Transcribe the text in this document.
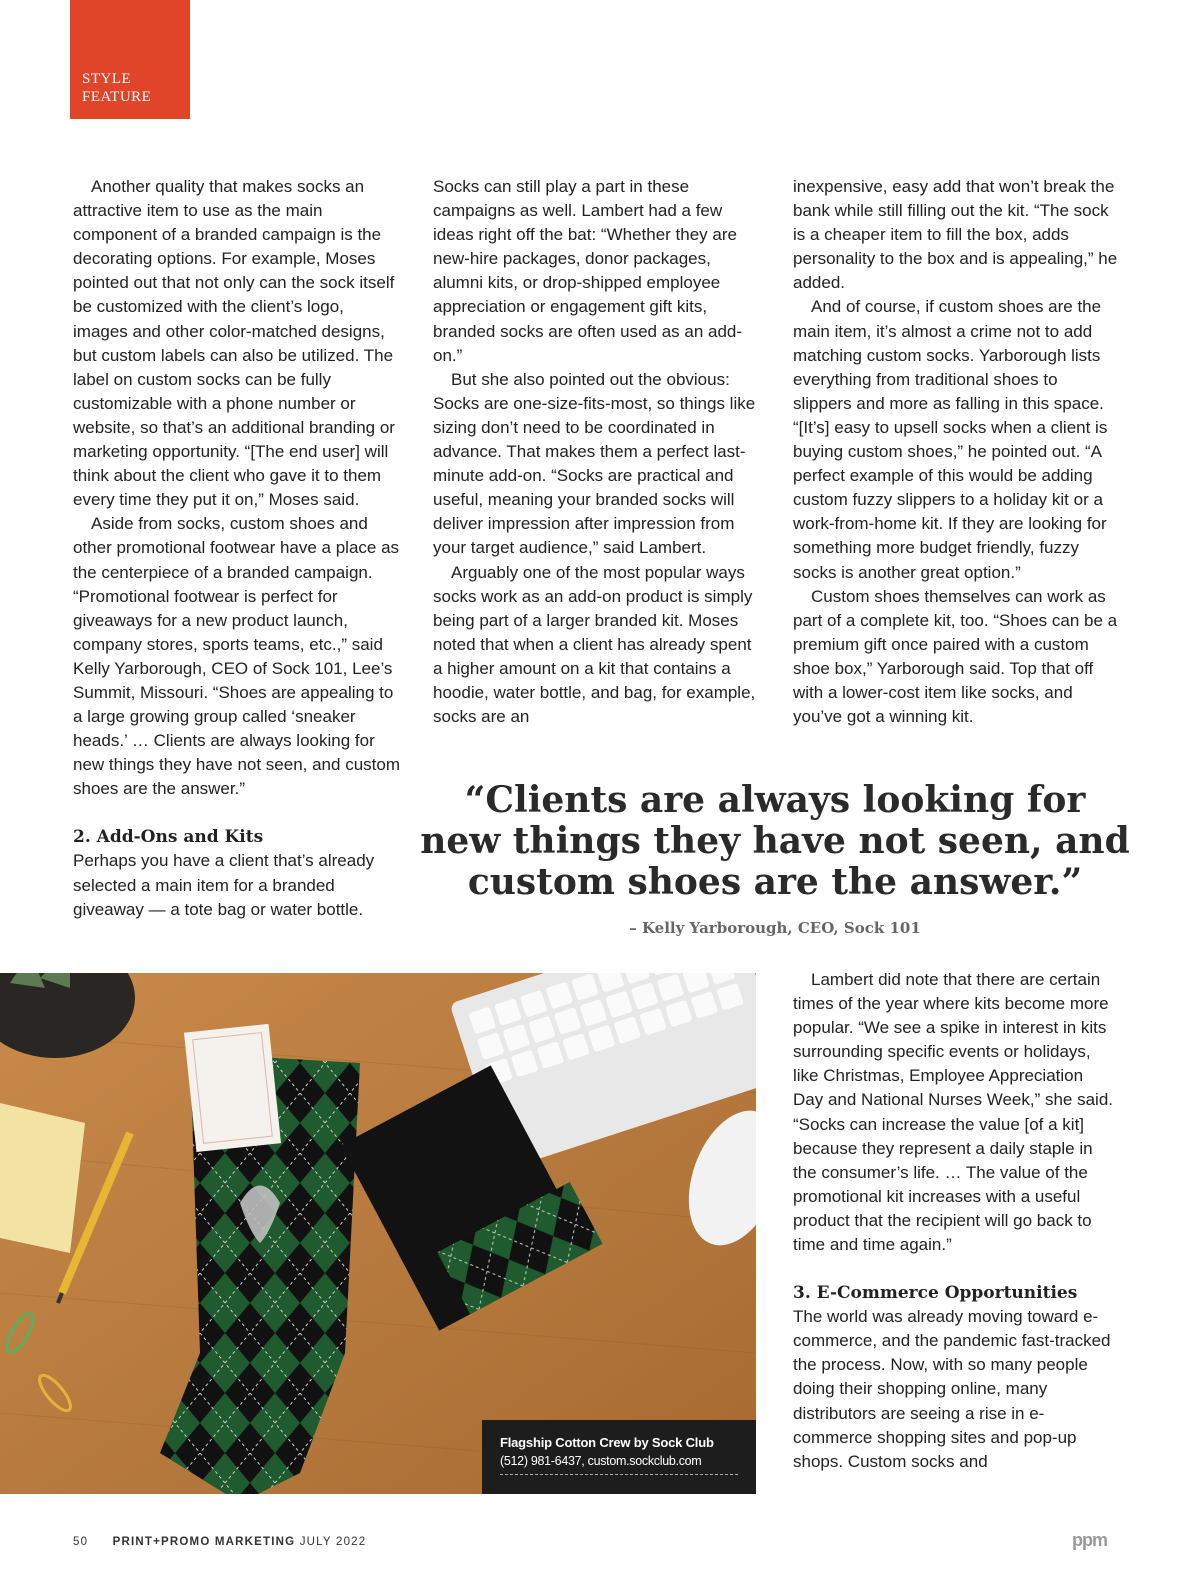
STYLE
FEATURE

Another quality that makes socks an attractive item to use as the main component of a branded campaign is the decorating options. For example, Moses pointed out that not only can the sock itself be customized with the client’s logo, images and other color-matched designs, but custom labels can also be utilized. The label on custom socks can be fully customizable with a phone number or website, so that’s an additional branding or marketing opportunity. “[The end user] will think about the client who gave it to them every time they put it on,” Moses said.

Aside from socks, custom shoes and other promotional footwear have a place as the centerpiece of a branded campaign. “Promotional footwear is perfect for giveaways for a new product launch, company stores, sports teams, etc.,” said Kelly Yarborough, CEO of Sock 101, Lee’s Summit, Missouri. “Shoes are appealing to a large growing group called ‘sneaker heads.’ … Clients are always looking for new things they have not seen, and custom shoes are the answer.”

2. Add-Ons and Kits

Perhaps you have a client that’s already selected a main item for a branded giveaway — a tote bag or water bottle.

Socks can still play a part in these campaigns as well. Lambert had a few ideas right off the bat: “Whether they are new-hire packages, donor packages, alumni kits, or drop-shipped employee appreciation or engagement gift kits, branded socks are often used as an add-on.”

But she also pointed out the obvious: Socks are one-size-fits-most, so things like sizing don’t need to be coordinated in advance. That makes them a perfect last-minute add-on. “Socks are practical and useful, meaning your branded socks will deliver impression after impression from your target audience,” said Lambert.

Arguably one of the most popular ways socks work as an add-on product is simply being part of a larger branded kit. Moses noted that when a client has already spent a higher amount on a kit that contains a hoodie, water bottle, and bag, for example, socks are an

inexpensive, easy add that won’t break the bank while still filling out the kit. “The sock is a cheaper item to fill the box, adds personality to the box and is appealing,” he added.

And of course, if custom shoes are the main item, it’s almost a crime not to add matching custom socks. Yarborough lists everything from traditional shoes to slippers and more as falling in this space. “[It’s] easy to upsell socks when a client is buying custom shoes,” he pointed out. “A perfect example of this would be adding custom fuzzy slippers to a holiday kit or a work-from-home kit. If they are looking for something more budget friendly, fuzzy socks is another great option.”

Custom shoes themselves can work as part of a complete kit, too. “Shoes can be a premium gift once paired with a custom shoe box,” Yarborough said. Top that off with a lower-cost item like socks, and you’ve got a winning kit.

“Clients are always looking for new things they have not seen, and custom shoes are the answer.”
– Kelly Yarborough, CEO, Sock 101
Flagship Cotton Crew by Sock Club
(512) 981-6437, custom.sockclub.com

Lambert did note that there are certain times of the year where kits become more popular. “We see a spike in interest in kits surrounding specific events or holidays, like Christmas, Employee Appreciation Day and National Nurses Week,” she said. “Socks can increase the value [of a kit] because they represent a daily staple in the consumer’s life. … The value of the promotional kit increases with a useful product that the recipient will go back to time and time again.”

3. E-Commerce Opportunities

The world was already moving toward e-commerce, and the pandemic fast-tracked the process. Now, with so many people doing their shopping online, many distributors are seeing a rise in e-commerce shopping sites and pop-up shops. Custom socks and

50 PRINT+PROMO MARKETING JULY 2022	ppm
